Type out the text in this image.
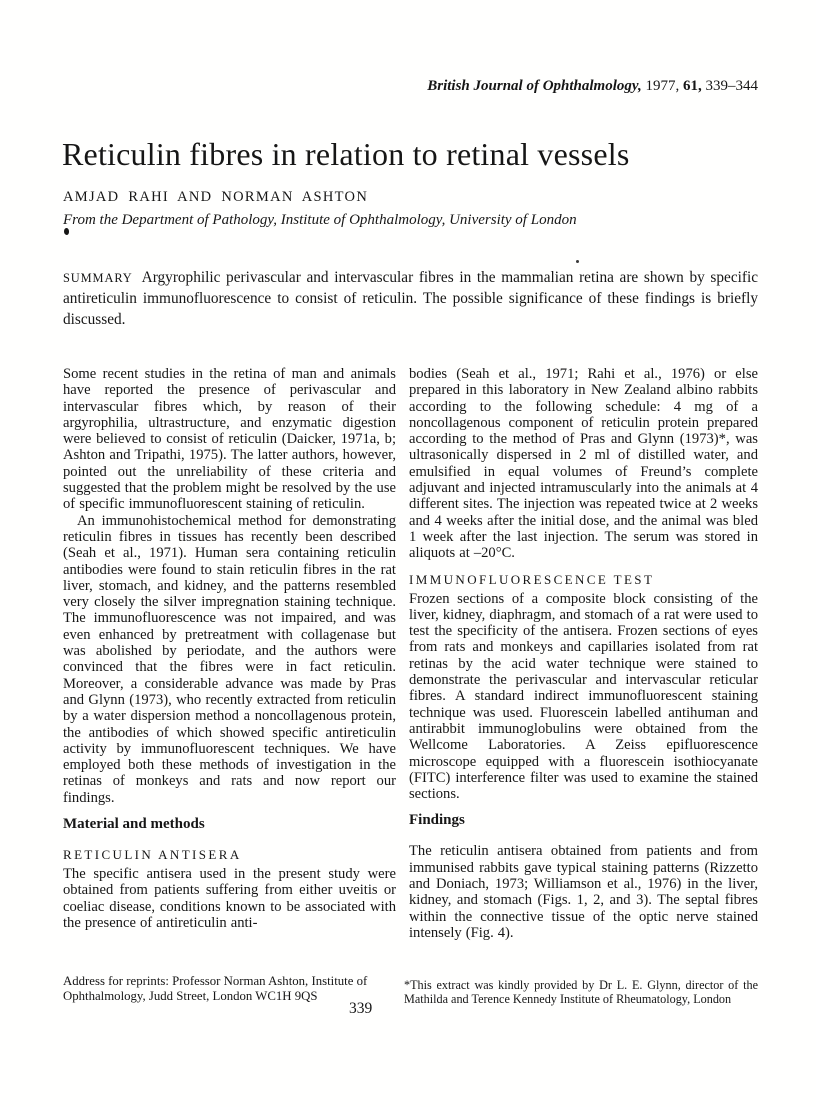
British Journal of Ophthalmology, 1977, 61, 339–344
Reticulin fibres in relation to retinal vessels
AMJAD RAHI AND NORMAN ASHTON
From the Department of Pathology, Institute of Ophthalmology, University of London
SUMMARY Argyrophilic perivascular and intervascular fibres in the mammalian retina are shown by specific antireticulin immunofluorescence to consist of reticulin. The possible significance of these findings is briefly discussed.

Some recent studies in the retina of man and animals have reported the presence of perivascular and intervascular fibres which, by reason of their argyrophilia, ultrastructure, and enzymatic digestion were believed to consist of reticulin (Daicker, 1971a, b; Ashton and Tripathi, 1975). The latter authors, however, pointed out the unreliability of these criteria and suggested that the problem might be resolved by the use of specific immunofluorescent staining of reticulin.

An immunohistochemical method for demonstrating reticulin fibres in tissues has recently been described (Seah et al., 1971). Human sera containing reticulin antibodies were found to stain reticulin fibres in the rat liver, stomach, and kidney, and the patterns resembled very closely the silver impregnation staining technique. The immunofluorescence was not impaired, and was even enhanced by pretreatment with collagenase but was abolished by periodate, and the authors were convinced that the fibres were in fact reticulin. Moreover, a considerable advance was made by Pras and Glynn (1973), who recently extracted from reticulin by a water dispersion method a noncollagenous protein, the antibodies of which showed specific antireticulin activity by immunofluorescent techniques. We have employed both these methods of investigation in the retinas of monkeys and rats and now report our findings.

Material and methods
RETICULIN ANTISERA

The specific antisera used in the present study were obtained from patients suffering from either uveitis or coeliac disease, conditions known to be associated with the presence of antireticulin anti-

bodies (Seah et al., 1971; Rahi et al., 1976) or else prepared in this laboratory in New Zealand albino rabbits according to the following schedule: 4 mg of a noncollagenous component of reticulin protein prepared according to the method of Pras and Glynn (1973)*, was ultrasonically dispersed in 2 ml of distilled water, and emulsified in equal volumes of Freund’s complete adjuvant and injected intramuscularly into the animals at 4 different sites. The injection was repeated twice at 2 weeks and 4 weeks after the initial dose, and the animal was bled 1 week after the last injection. The serum was stored in aliquots at –20°C.

IMMUNOFLUORESCENCE TEST

Frozen sections of a composite block consisting of the liver, kidney, diaphragm, and stomach of a rat were used to test the specificity of the antisera. Frozen sections of eyes from rats and monkeys and capillaries isolated from rat retinas by the acid water technique were stained to demonstrate the perivascular and intervascular reticular fibres. A standard indirect immunofluorescent staining technique was used. Fluorescein labelled antihuman and antirabbit immunoglobulins were obtained from the Wellcome Laboratories. A Zeiss epifluorescence microscope equipped with a fluorescein isothiocyanate (FITC) interference filter was used to examine the stained sections.

Findings

The reticulin antisera obtained from patients and from immunised rabbits gave typical staining patterns (Rizzetto and Doniach, 1973; Williamson et al., 1976) in the liver, kidney, and stomach (Figs. 1, 2, and 3). The septal fibres within the connective tissue of the optic nerve stained intensely (Fig. 4).

Address for reprints: Professor Norman Ashton, Institute of Ophthalmology, Judd Street, London WC1H 9QS
*This extract was kindly provided by Dr L. E. Glynn, director of the Mathilda and Terence Kennedy Institute of Rheumatology, London
339
